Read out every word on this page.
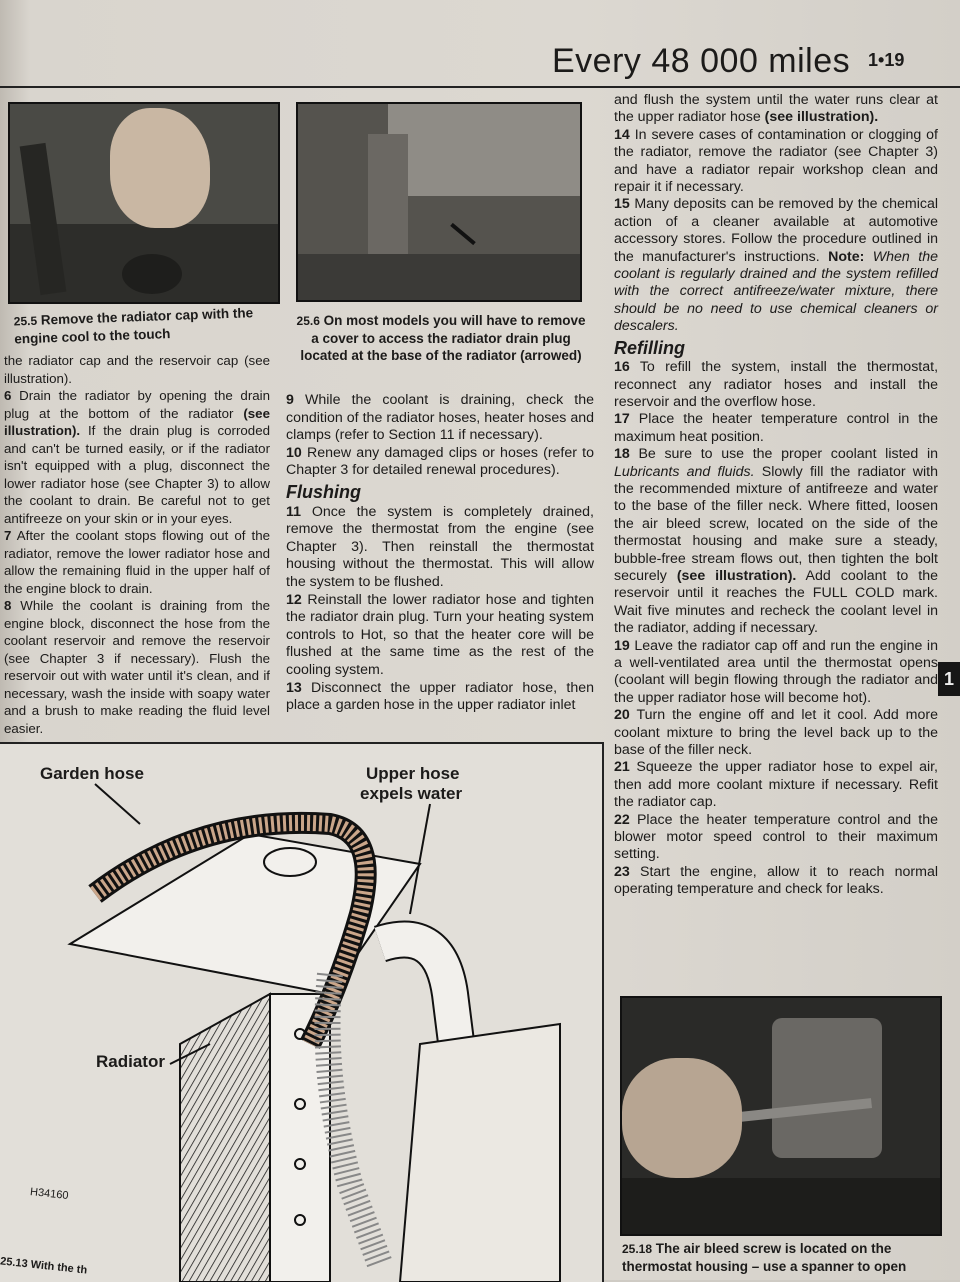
Every 48 000 miles 1•19
25.5 Remove the radiator cap with the engine cool to the touch
25.6 On most models you will have to remove a cover to access the radiator drain plug located at the base of the radiator (arrowed)

the radiator cap and the reservoir cap (see illustration).

6 Drain the radiator by opening the drain plug at the bottom of the radiator (see illustration). If the drain plug is corroded and can't be turned easily, or if the radiator isn't equipped with a plug, disconnect the lower radiator hose (see Chapter 3) to allow the coolant to drain. Be careful not to get antifreeze on your skin or in your eyes.

7 After the coolant stops flowing out of the radiator, remove the lower radiator hose and allow the remaining fluid in the upper half of the engine block to drain.

8 While the coolant is draining from the engine block, disconnect the hose from the coolant reservoir and remove the reservoir (see Chapter 3 if necessary). Flush the reservoir out with water until it's clean, and if necessary, wash the inside with soapy water and a brush to make reading the fluid level easier.

9 While the coolant is draining, check the condition of the radiator hoses, heater hoses and clamps (refer to Section 11 if necessary).

10 Renew any damaged clips or hoses (refer to Chapter 3 for detailed renewal procedures).

Flushing

11 Once the system is completely drained, remove the thermostat from the engine (see Chapter 3). Then reinstall the thermostat housing without the thermostat. This will allow the system to be flushed.

12 Reinstall the lower radiator hose and tighten the radiator drain plug. Turn your heating system controls to Hot, so that the heater core will be flushed at the same time as the rest of the cooling system.

13 Disconnect the upper radiator hose, then place a garden hose in the upper radiator inlet

and flush the system until the water runs clear at the upper radiator hose (see illustration).

14 In severe cases of contamination or clogging of the radiator, remove the radiator (see Chapter 3) and have a radiator repair workshop clean and repair it if necessary.

15 Many deposits can be removed by the chemical action of a cleaner available at automotive accessory stores. Follow the procedure outlined in the manufacturer's instructions. Note: When the coolant is regularly drained and the system refilled with the correct antifreeze/water mixture, there should be no need to use chemical cleaners or descalers.

Refilling

16 To refill the system, install the thermostat, reconnect any radiator hoses and install the reservoir and the overflow hose.

17 Place the heater temperature control in the maximum heat position.

18 Be sure to use the proper coolant listed in Lubricants and fluids. Slowly fill the radiator with the recommended mixture of antifreeze and water to the base of the filler neck. Where fitted, loosen the air bleed screw, located on the side of the thermostat housing and make sure a steady, bubble-free stream flows out, then tighten the bolt securely (see illustration). Add coolant to the reservoir until it reaches the FULL COLD mark. Wait five minutes and recheck the coolant level in the radiator, adding if necessary.

19 Leave the radiator cap off and run the engine in a well-ventilated area until the thermostat opens (coolant will begin flowing through the radiator and the upper radiator hose will become hot).

20 Turn the engine off and let it cool. Add more coolant mixture to bring the level back up to the base of the filler neck.

21 Squeeze the upper radiator hose to expel air, then add more coolant mixture if necessary. Refit the radiator cap.

22 Place the heater temperature control and the blower motor speed control to their maximum setting.

23 Start the engine, allow it to reach normal operating temperature and check for leaks.

1
25.18 The air bleed screw is located on the thermostat housing – use a spanner to open
Garden hose	Upper hose
expels water
Radiator
H34160
25.13 With the th
